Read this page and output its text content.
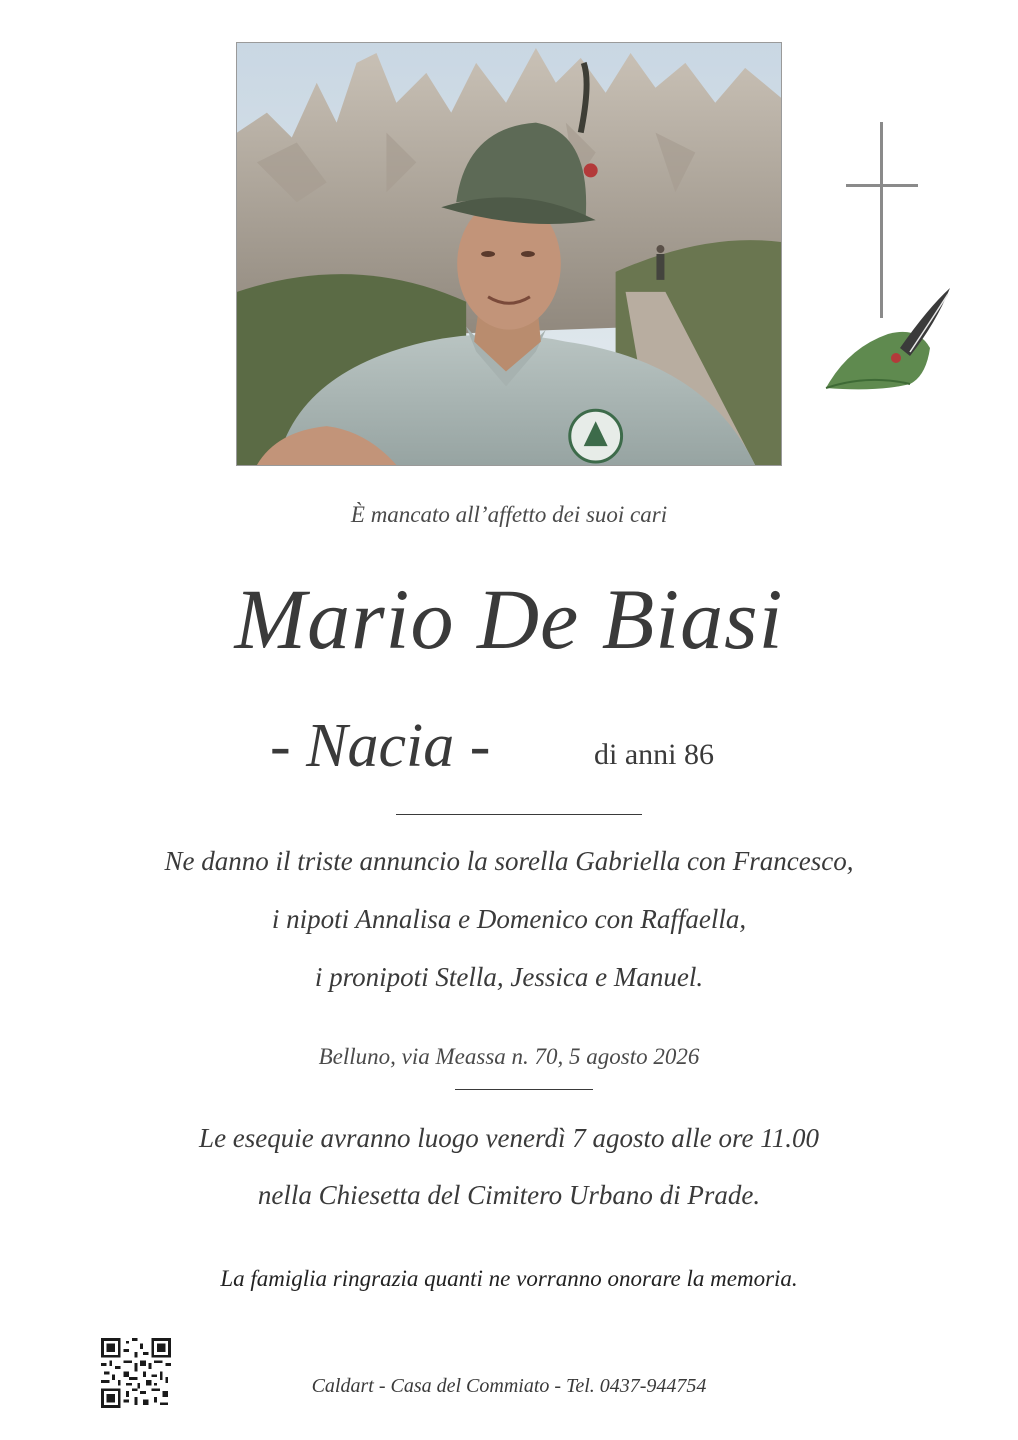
È mancato all’affetto dei suoi cari
Mario De Biasi
- Nacia -	di anni 86
Ne danno il triste annuncio la sorella Gabriella con Francesco,
i nipoti Annalisa e Domenico con Raffaella,
i pronipoti Stella, Jessica e Manuel.
Belluno, via Meassa n. 70, 5 agosto 2026
Le esequie avranno luogo venerdì 7 agosto alle ore 11.00
nella Chiesetta del Cimitero Urbano di Prade.
La famiglia ringrazia quanti ne vorranno onorare la memoria.
Caldart - Casa del Commiato - Tel. 0437-944754
